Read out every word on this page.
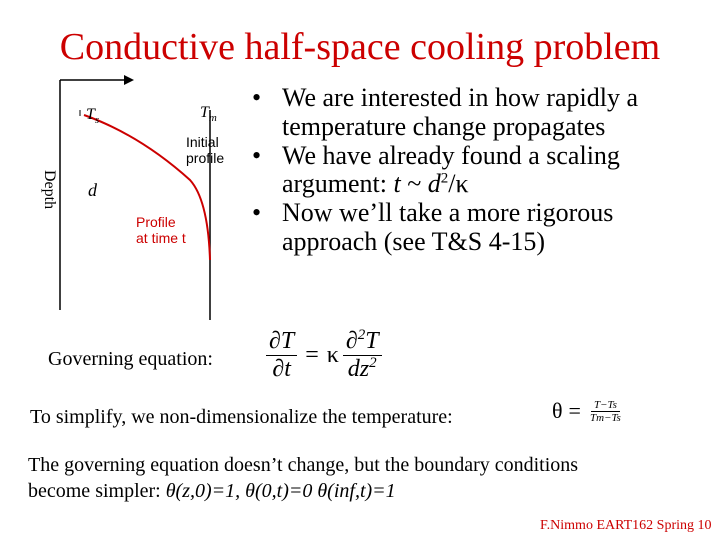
Conductive half-space cooling problem
$T_s$	$T_m$
Initial
profile
Profile
at time t
Depth d
• We are interested in how rapidly a
temperature change propagates
• We have already found a scaling
argument: t ~ $d^2/\kappa$
• Now we’ll take a more rigorous
approach (see T&S 4-15)
Governing equation: $\frac{\partial T}{\partial t} = \kappa \frac{\partial^2T}{dz^2}$
To simplify, we non-dimensionalize the temperature:	$\theta = \frac{T-Ts}{Tm-Ts}$
The governing equation doesn’t change, but the boundary conditions
become simpler: θ(z,0)=1, θ(0,t)=0 θ(inf,t)=1
F.Nimmo EART162 Spring 10
